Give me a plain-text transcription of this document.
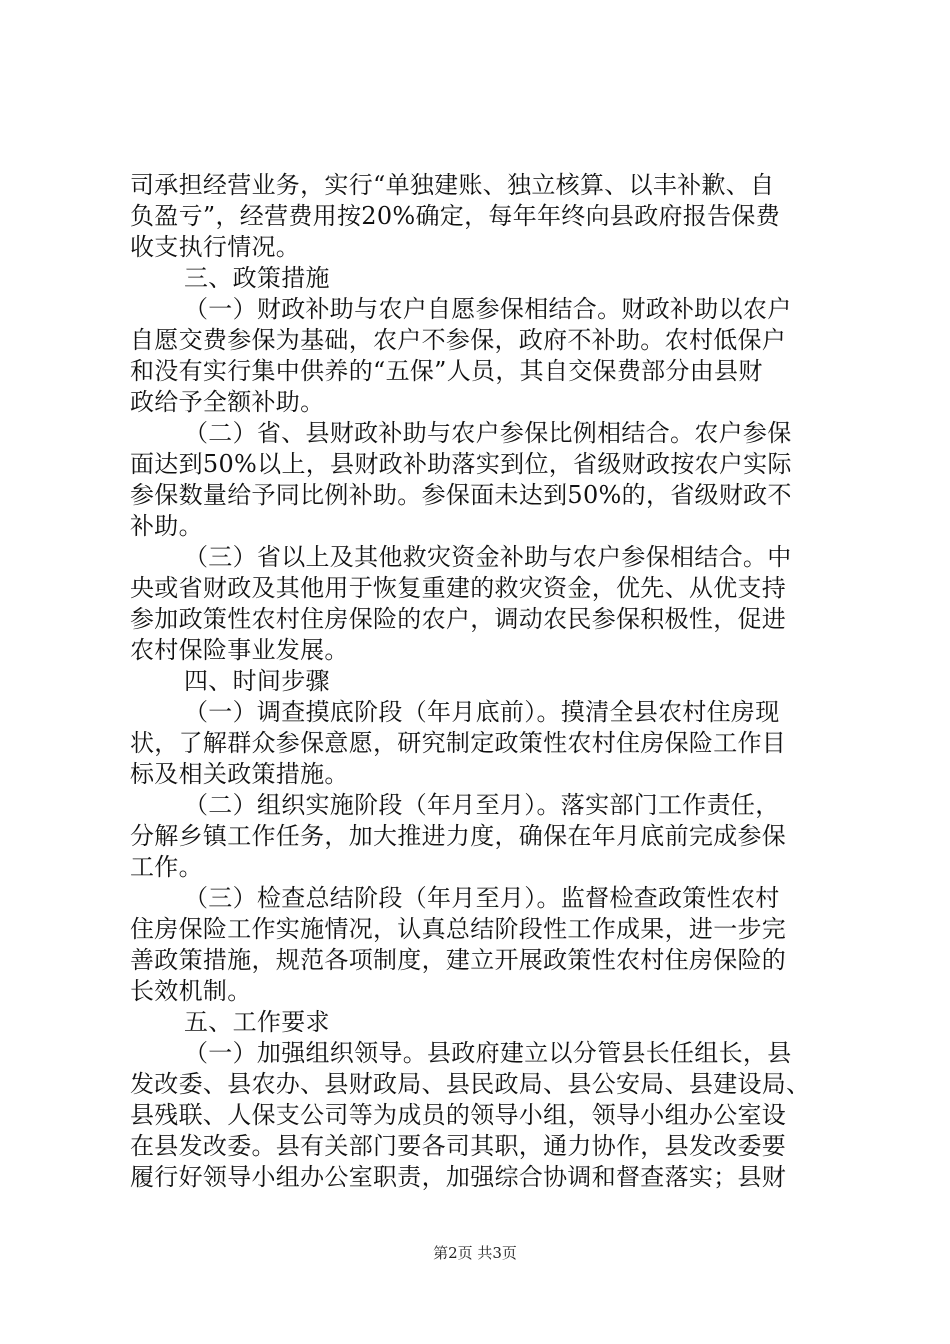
司承担经营业务，实行“单独建账、独立核算、以丰补歉、自
负盈亏”，经营费用按20%确定，每年年终向县政府报告保费
收支执行情况。
三、政策措施
（一）财政补助与农户自愿参保相结合。财政补助以农户
自愿交费参保为基础，农户不参保，政府不补助。农村低保户
和没有实行集中供养的“五保”人员，其自交保费部分由县财
政给予全额补助。
（二）省、县财政补助与农户参保比例相结合。农户参保
面达到50%以上，县财政补助落实到位，省级财政按农户实际
参保数量给予同比例补助。参保面未达到50%的，省级财政不
补助。
（三）省以上及其他救灾资金补助与农户参保相结合。中
央或省财政及其他用于恢复重建的救灾资金，优先、从优支持
参加政策性农村住房保险的农户，调动农民参保积极性，促进
农村保险事业发展。
四、时间步骤
（一）调查摸底阶段（年月底前）。摸清全县农村住房现
状，了解群众参保意愿，研究制定政策性农村住房保险工作目
标及相关政策措施。
（二）组织实施阶段（年月至月）。落实部门工作责任，
分解乡镇工作任务，加大推进力度，确保在年月底前完成参保
工作。
（三）检查总结阶段（年月至月）。监督检查政策性农村
住房保险工作实施情况，认真总结阶段性工作成果，进一步完
善政策措施，规范各项制度，建立开展政策性农村住房保险的
长效机制。
五、工作要求
（一）加强组织领导。县政府建立以分管县长任组长，县
发改委、县农办、县财政局、县民政局、县公安局、县建设局、
县残联、人保支公司等为成员的领导小组，领导小组办公室设
在县发改委。县有关部门要各司其职，通力协作，县发改委要
履行好领导小组办公室职责，加强综合协调和督查落实；县财
第2页 共3页
